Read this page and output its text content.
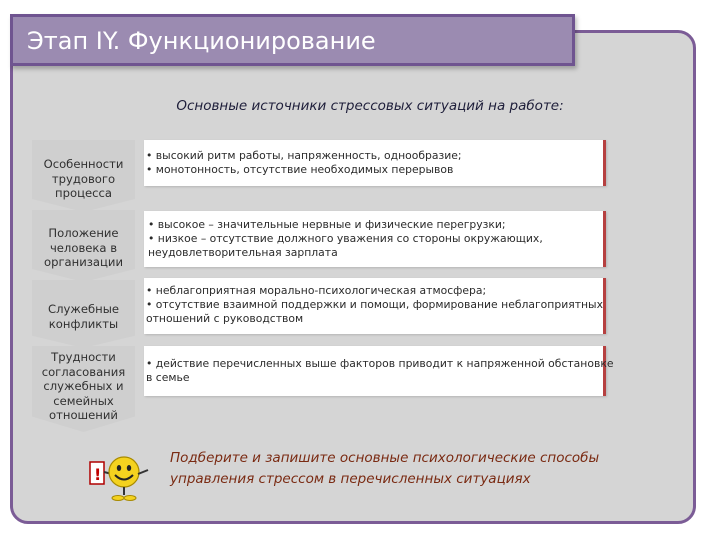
Этап IY. Функционирование
Основные источники стрессовых ситуаций на работе:
Особенности
трудового
процесса
• высокий ритм работы, напряженность, однообразие;
• монотонность, отсутствие необходимых перерывов
Положение
человека в
организации
• высокое – значительные нервные и физические перегрузки;
• низкое – отсутствие должного уважения со стороны окружающих,
неудовлетворительная зарплата
Служебные
конфликты
• неблагоприятная морально-психологическая атмосфера;
• отсутствие взаимной поддержки и помощи, формирование неблагоприятных
отношений с руководством
Трудности
согласования
служебных и
семейных
отношений
• действие перечисленных выше факторов приводит к напряженной обстановке
в семье
!
Подберите и запишите основные психологические способы
управления стрессом в перечисленных ситуациях
